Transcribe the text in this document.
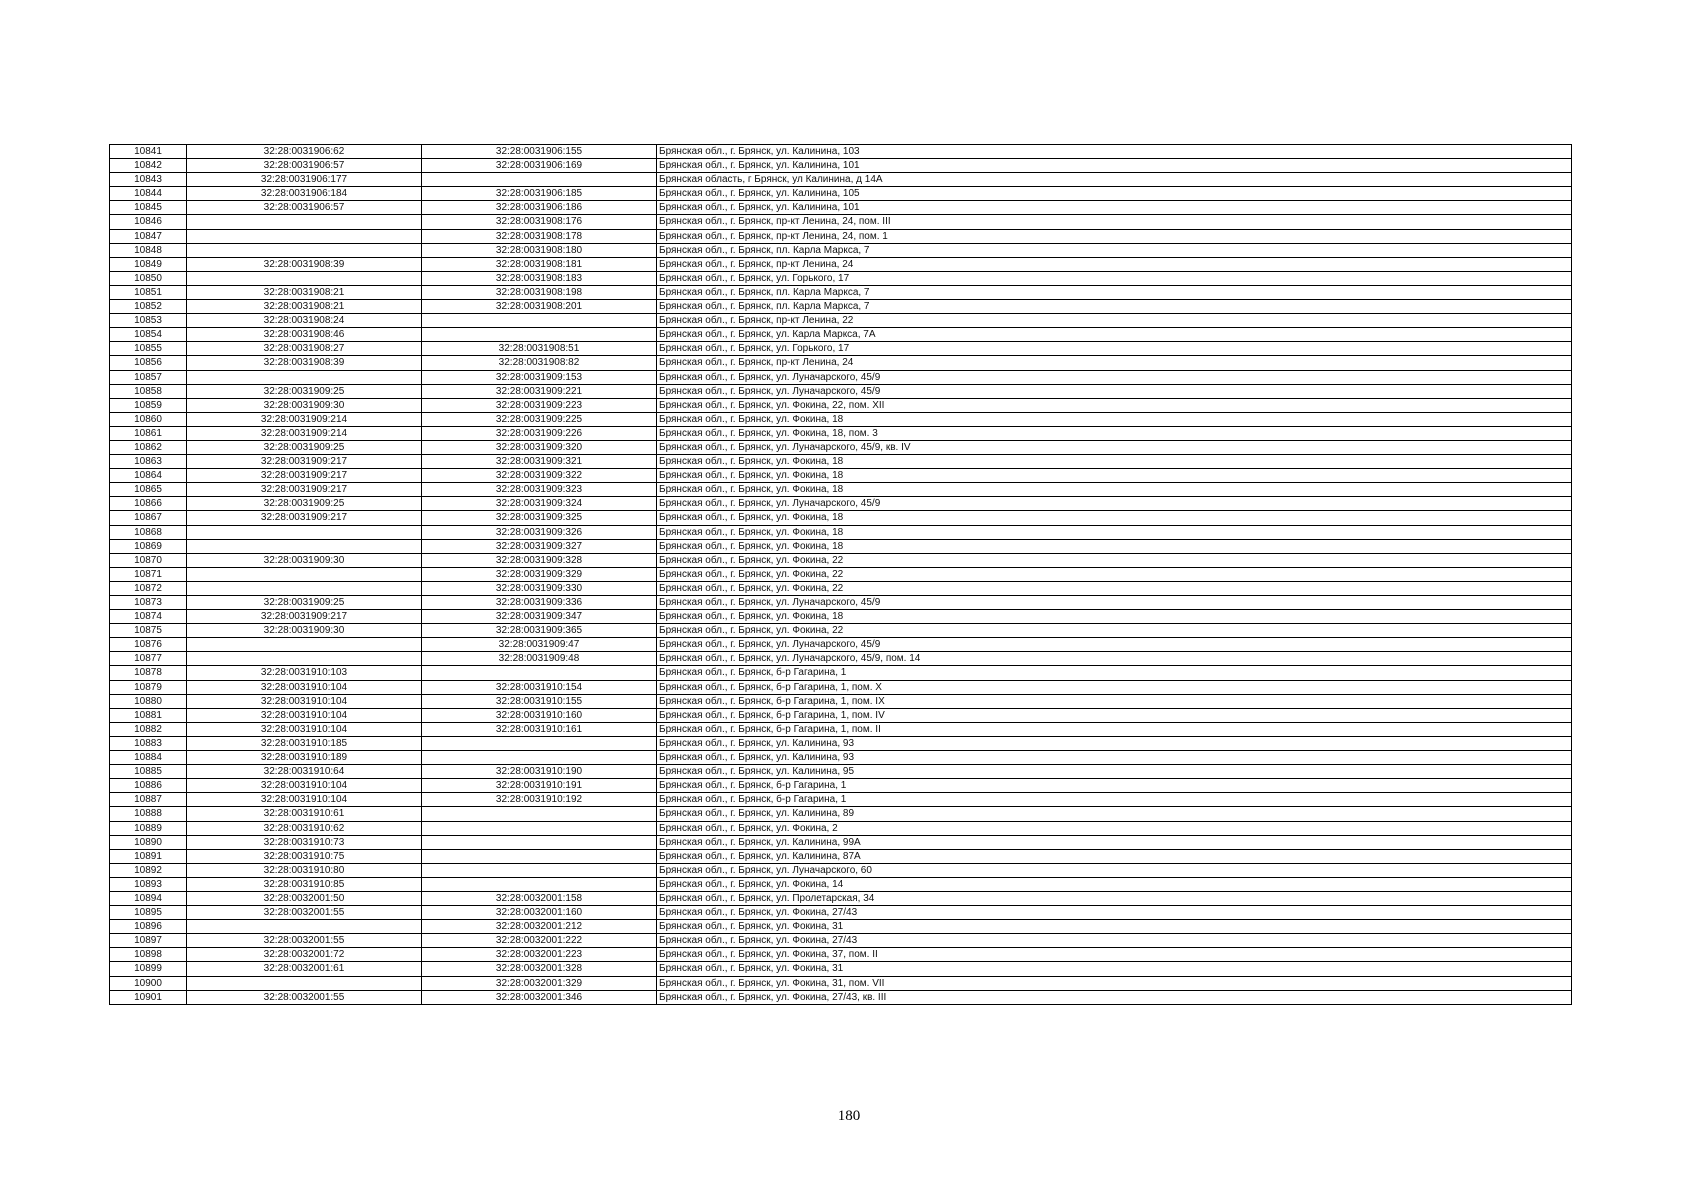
10841	32:28:0031906:62	32:28:0031906:155	Брянская обл., г. Брянск, ул. Калинина, 103
10842	32:28:0031906:57	32:28:0031906:169	Брянская обл., г. Брянск, ул. Калинина, 101
10843	32:28:0031906:177		Брянская область, г Брянск, ул Калинина, д 14А
10844	32:28:0031906:184	32:28:0031906:185	Брянская обл., г. Брянск, ул. Калинина, 105
10845	32:28:0031906:57	32:28:0031906:186	Брянская обл., г. Брянск, ул. Калинина, 101
10846		32:28:0031908:176	Брянская обл., г. Брянск, пр-кт Ленина, 24, пом. III
10847		32:28:0031908:178	Брянская обл., г. Брянск, пр-кт Ленина, 24, пом. 1
10848		32:28:0031908:180	Брянская обл., г. Брянск, пл. Карла Маркса, 7
10849	32:28:0031908:39	32:28:0031908:181	Брянская обл., г. Брянск, пр-кт Ленина, 24
10850		32:28:0031908:183	Брянская обл., г. Брянск, ул. Горького, 17
10851	32:28:0031908:21	32:28:0031908:198	Брянская обл., г. Брянск, пл. Карла Маркса, 7
10852	32:28:0031908:21	32:28:0031908:201	Брянская обл., г. Брянск, пл. Карла Маркса, 7
10853	32:28:0031908:24		Брянская обл., г. Брянск, пр-кт Ленина, 22
10854	32:28:0031908:46		Брянская обл., г. Брянск, ул. Карла Маркса, 7А
10855	32:28:0031908:27	32:28:0031908:51	Брянская обл., г. Брянск, ул. Горького, 17
10856	32:28:0031908:39	32:28:0031908:82	Брянская обл., г. Брянск, пр-кт Ленина, 24
10857		32:28:0031909:153	Брянская обл., г. Брянск, ул. Луначарского, 45/9
10858	32:28:0031909:25	32:28:0031909:221	Брянская обл., г. Брянск, ул. Луначарского, 45/9
10859	32:28:0031909:30	32:28:0031909:223	Брянская обл., г. Брянск, ул. Фокина, 22, пом. XII
10860	32:28:0031909:214	32:28:0031909:225	Брянская обл., г. Брянск, ул. Фокина, 18
10861	32:28:0031909:214	32:28:0031909:226	Брянская обл., г. Брянск, ул. Фокина, 18, пом. 3
10862	32:28:0031909:25	32:28:0031909:320	Брянская обл., г. Брянск, ул. Луначарского, 45/9, кв. IV
10863	32:28:0031909:217	32:28:0031909:321	Брянская обл., г. Брянск, ул. Фокина, 18
10864	32:28:0031909:217	32:28:0031909:322	Брянская обл., г. Брянск, ул. Фокина, 18
10865	32:28:0031909:217	32:28:0031909:323	Брянская обл., г. Брянск, ул. Фокина, 18
10866	32:28:0031909:25	32:28:0031909:324	Брянская обл., г. Брянск, ул. Луначарского, 45/9
10867	32:28:0031909:217	32:28:0031909:325	Брянская обл., г. Брянск, ул. Фокина, 18
10868		32:28:0031909:326	Брянская обл., г. Брянск, ул. Фокина, 18
10869		32:28:0031909:327	Брянская обл., г. Брянск, ул. Фокина, 18
10870	32:28:0031909:30	32:28:0031909:328	Брянская обл., г. Брянск, ул. Фокина, 22
10871		32:28:0031909:329	Брянская обл., г. Брянск, ул. Фокина, 22
10872		32:28:0031909:330	Брянская обл., г. Брянск, ул. Фокина, 22
10873	32:28:0031909:25	32:28:0031909:336	Брянская обл., г. Брянск, ул. Луначарского, 45/9
10874	32:28:0031909:217	32:28:0031909:347	Брянская обл., г. Брянск, ул. Фокина, 18
10875	32:28:0031909:30	32:28:0031909:365	Брянская обл., г. Брянск, ул. Фокина, 22
10876		32:28:0031909:47	Брянская обл., г. Брянск, ул. Луначарского, 45/9
10877		32:28:0031909:48	Брянская обл., г. Брянск, ул. Луначарского, 45/9, пом. 14
10878	32:28:0031910:103		Брянская обл., г. Брянск, б-р Гагарина, 1
10879	32:28:0031910:104	32:28:0031910:154	Брянская обл., г. Брянск, б-р Гагарина, 1, пом. X
10880	32:28:0031910:104	32:28:0031910:155	Брянская обл., г. Брянск, б-р Гагарина, 1, пом. IX
10881	32:28:0031910:104	32:28:0031910:160	Брянская обл., г. Брянск, б-р Гагарина, 1, пом. IV
10882	32:28:0031910:104	32:28:0031910:161	Брянская обл., г. Брянск, б-р Гагарина, 1, пом. II
10883	32:28:0031910:185		Брянская обл., г. Брянск, ул. Калинина, 93
10884	32:28:0031910:189		Брянская обл., г. Брянск, ул. Калинина, 93
10885	32:28:0031910:64	32:28:0031910:190	Брянская обл., г. Брянск, ул. Калинина, 95
10886	32:28:0031910:104	32:28:0031910:191	Брянская обл., г. Брянск, б-р Гагарина, 1
10887	32:28:0031910:104	32:28:0031910:192	Брянская обл., г. Брянск, б-р Гагарина, 1
10888	32:28:0031910:61		Брянская обл., г. Брянск, ул. Калинина, 89
10889	32:28:0031910:62		Брянская обл., г. Брянск, ул. Фокина, 2
10890	32:28:0031910:73		Брянская обл., г. Брянск, ул. Калинина, 99А
10891	32:28:0031910:75		Брянская обл., г. Брянск, ул. Калинина, 87А
10892	32:28:0031910:80		Брянская обл., г. Брянск, ул. Луначарского, 60
10893	32:28:0031910:85		Брянская обл., г. Брянск, ул. Фокина, 14
10894	32:28:0032001:50	32:28:0032001:158	Брянская обл., г. Брянск, ул. Пролетарская, 34
10895	32:28:0032001:55	32:28:0032001:160	Брянская обл., г. Брянск, ул. Фокина, 27/43
10896		32:28:0032001:212	Брянская обл., г. Брянск, ул. Фокина, 31
10897	32:28:0032001:55	32:28:0032001:222	Брянская обл., г. Брянск, ул. Фокина, 27/43
10898	32:28:0032001:72	32:28:0032001:223	Брянская обл., г. Брянск, ул. Фокина, 37, пом. II
10899	32:28:0032001:61	32:28:0032001:328	Брянская обл., г. Брянск, ул. Фокина, 31
10900		32:28:0032001:329	Брянская обл., г. Брянск, ул. Фокина, 31, пом. VII
10901	32:28:0032001:55	32:28:0032001:346	Брянская обл., г. Брянск, ул. Фокина, 27/43, кв. III
180
